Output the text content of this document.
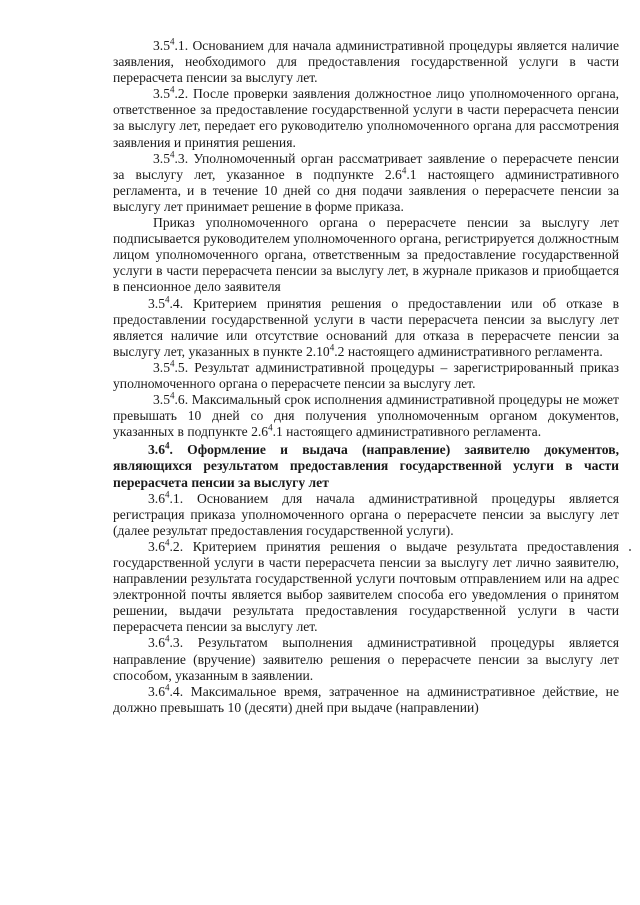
$3.5^4.1$. Основанием для начала административной процедуры является наличие заявления, необходимого для предоставления государственной услуги в части перерасчета пенсии за выслугу лет.

$3.5^4.2$. После проверки заявления должностное лицо уполномоченного органа, ответственное за предоставление государственной услуги в части перерасчета пенсии за выслугу лет, передает его руководителю уполномоченного органа для рассмотрения заявления и принятия решения.

$3.5^4.3$. Уполномоченный орган рассматривает заявление о перерасчете пенсии за выслугу лет, указанное в подпункте $2.6^4.1$ настоящего административного регламента, и в течение 10 дней со дня подачи заявления о перерасчете пенсии за выслугу лет принимает решение в форме приказа.

Приказ уполномоченного органа о перерасчете пенсии за выслугу лет подписывается руководителем уполномоченного органа, регистрируется должностным лицом уполномоченного органа, ответственным за предоставление государственной услуги в части перерасчета пенсии за выслугу лет, в журнале приказов и приобщается в пенсионное дело заявителя

$3.5^4.4$. Критерием принятия решения о предоставлении или об отказе в предоставлении государственной услуги в части перерасчета пенсии за выслугу лет является наличие или отсутствие оснований для отказа в перерасчете пенсии за выслугу лет, указанных в пункте 2.10$^4$.2 настоящего административного регламента.

$3.5^4.5$. Результат административной процедуры – зарегистрированный приказ уполномоченного органа о перерасчете пенсии за выслугу лет.

$3.5^4.6$. Максимальный срок исполнения административной процедуры не может превышать 10 дней со дня получения уполномоченным органом документов, указанных в подпункте $2.6^4.1$ настоящего административного регламента.

$3.6^4$. Оформление и выдача (направление) заявителю документов, являющихся результатом предоставления государственной услуги в части перерасчета пенсии за выслугу лет

$3.6^4.1$. Основанием для начала административной процедуры является регистрация приказа уполномоченного органа о перерасчете пенсии за выслугу лет (далее результат предоставления государственной услуги).

$3.6^4.2$. Критерием принятия решения о выдаче результата предоставления государственной услуги в части перерасчета пенсии за выслугу лет лично заявителю, направлении результата государственной услуги почтовым отправлением или на адрес электронной почты является выбор заявителем способа его уведомления о принятом решении, выдачи результата предоставления государственной услуги в части перерасчета пенсии за выслугу лет.

$3.6^4.3$. Результатом выполнения административной процедуры является направление (вручение) заявителю решения о перерасчете пенсии за выслугу лет способом, указанным в заявлении.

$3.6^4.4$. Максимальное время, затраченное на административное действие, не должно превышать 10 (десяти) дней при выдаче (направлении)
